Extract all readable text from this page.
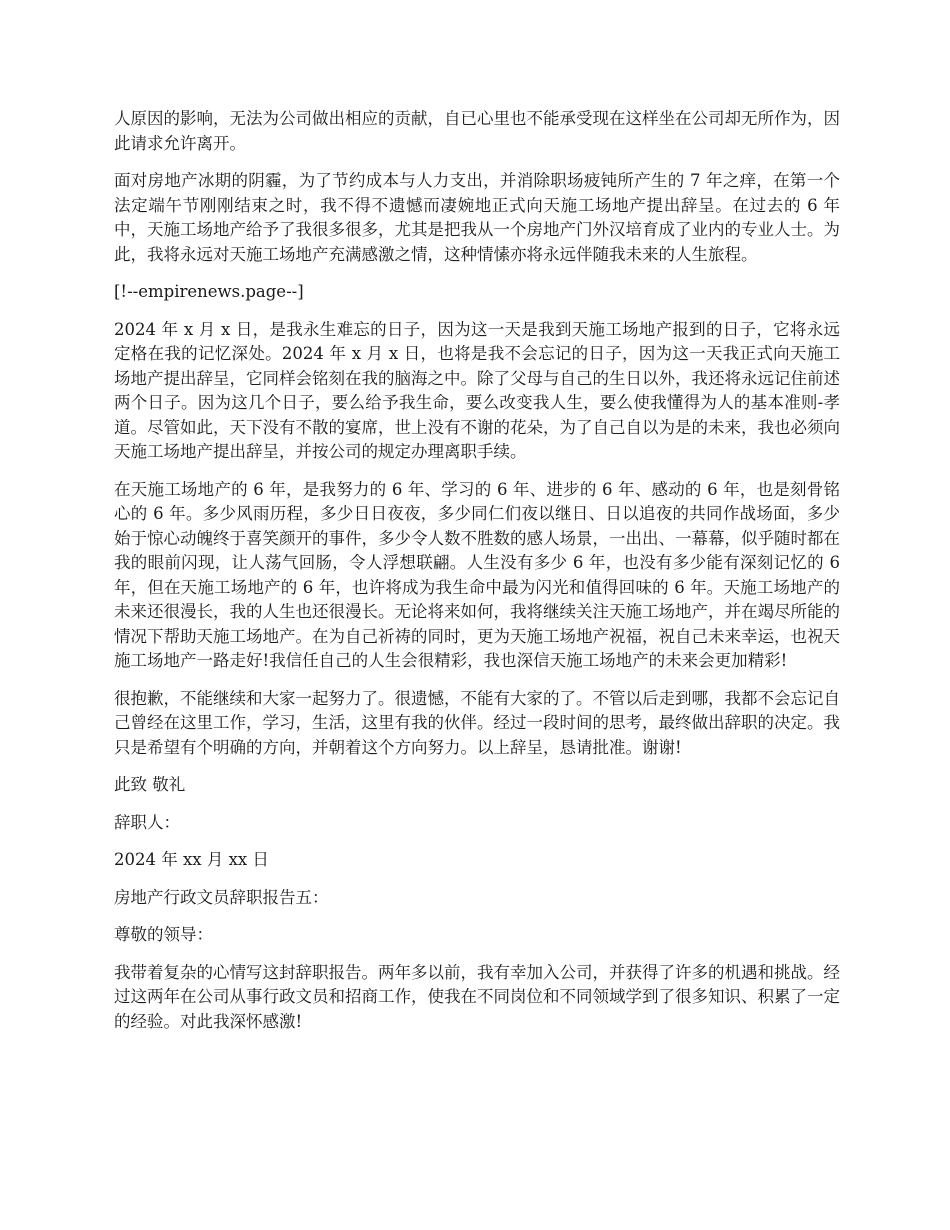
人原因的影响，无法为公司做出相应的贡献，自已心里也不能承受现在这样坐在公司却无所作为，因此请求允许离开。

面对房地产冰期的阴霾，为了节约成本与人力支出，并消除职场疲钝所产生的 7 年之痒，在第一个法定端午节刚刚结束之时，我不得不遗憾而凄婉地正式向天施工场地产提出辞呈。在过去的 6 年中，天施工场地产给予了我很多很多，尤其是把我从一个房地产门外汉培育成了业内的专业人士。为此，我将永远对天施工场地产充满感激之情，这种情愫亦将永远伴随我未来的人生旅程。

[!--empirenews.page--]

2024 年 x 月 x 日，是我永生难忘的日子，因为这一天是我到天施工场地产报到的日子，它将永远定格在我的记忆深处。2024 年 x 月 x 日，也将是我不会忘记的日子，因为这一天我正式向天施工场地产提出辞呈，它同样会铭刻在我的脑海之中。除了父母与自己的生日以外，我还将永远记住前述两个日子。因为这几个日子，要么给予我生命，要么改变我人生，要么使我懂得为人的基本准则-孝道。尽管如此，天下没有不散的宴席，世上没有不谢的花朵，为了自己自以为是的未来，我也必须向天施工场地产提出辞呈，并按公司的规定办理离职手续。

在天施工场地产的 6 年，是我努力的 6 年、学习的 6 年、进步的 6 年、感动的 6 年，也是刻骨铭心的 6 年。多少风雨历程，多少日日夜夜，多少同仁们夜以继日、日以追夜的共同作战场面，多少始于惊心动魄终于喜笑颜开的事件，多少令人数不胜数的感人场景，一出出、一幕幕，似乎随时都在我的眼前闪现，让人荡气回肠，令人浮想联翩。人生没有多少 6 年，也没有多少能有深刻记忆的 6 年，但在天施工场地产的 6 年，也许将成为我生命中最为闪光和值得回味的 6 年。天施工场地产的未来还很漫长，我的人生也还很漫长。无论将来如何，我将继续关注天施工场地产，并在竭尽所能的情况下帮助天施工场地产。在为自己祈祷的同时，更为天施工场地产祝福，祝自己未来幸运，也祝天施工场地产一路走好!我信任自己的人生会很精彩，我也深信天施工场地产的未来会更加精彩!

很抱歉，不能继续和大家一起努力了。很遗憾，不能有大家的了。不管以后走到哪，我都不会忘记自己曾经在这里工作，学习，生活，这里有我的伙伴。经过一段时间的思考，最终做出辞职的决定。我只是希望有个明确的方向，并朝着这个方向努力。以上辞呈，恳请批准。谢谢!

此致 敬礼

辞职人：

2024 年 xx 月 xx 日

房地产行政文员辞职报告五：

尊敬的领导：

我带着复杂的心情写这封辞职报告。两年多以前，我有幸加入公司，并获得了许多的机遇和挑战。经过这两年在公司从事行政文员和招商工作，使我在不同岗位和不同领域学到了很多知识、积累了一定的经验。对此我深怀感激!
